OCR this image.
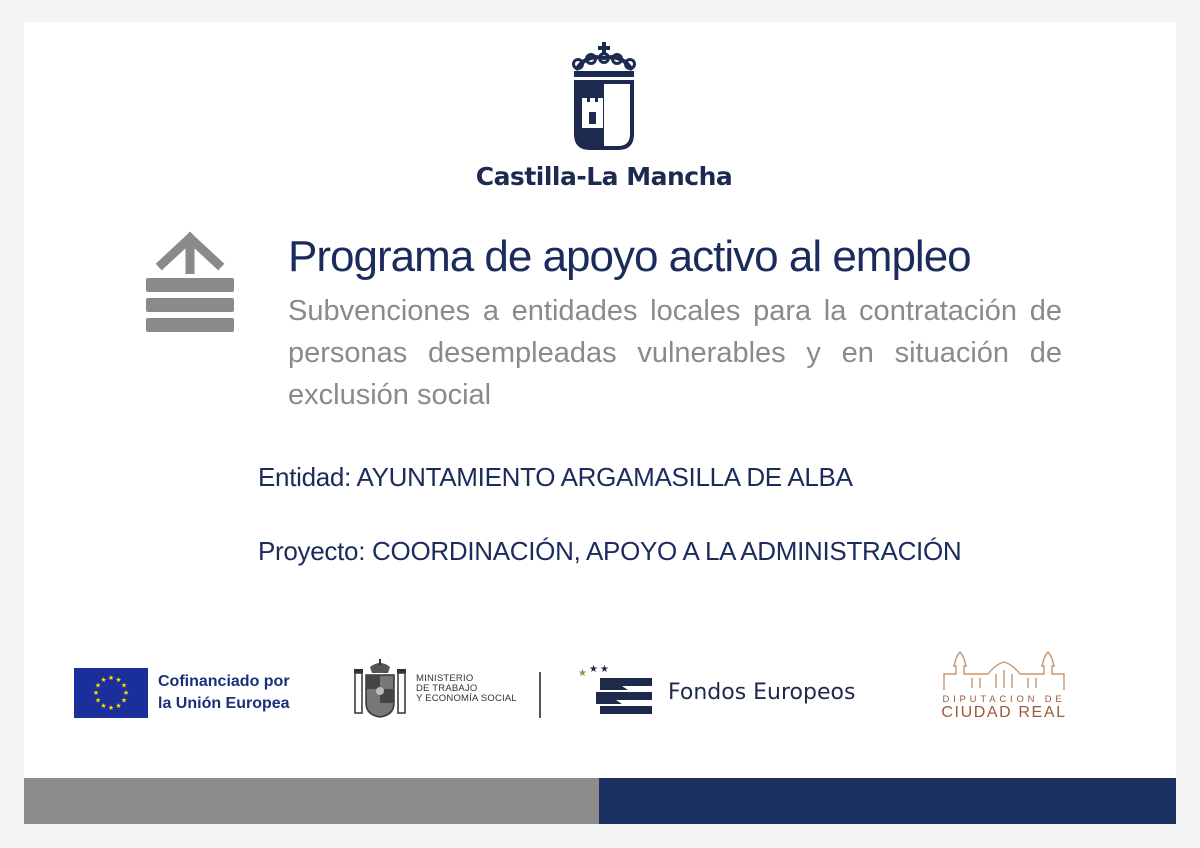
Castilla-La Mancha
Programa de apoyo activo al empleo

Subvenciones a entidades locales para la contratación de personas desempleadas vulnerables y en situación de exclusión social

Entidad: AYUNTAMIENTO ARGAMASILLA DE ALBA

Proyecto: COORDINACIÓN, APOYO A LA ADMINISTRACIÓN

★ ★
★
★
★
★
★
★
★
★
★
★	Cofinanciado por
la Unión Europea
MINISTERIO
DE TRABAJO
Y ECONOMÍA SOCIAL
★ ★ ★
Fondos Europeos	DIPUTACION DE
CIUDAD REAL
